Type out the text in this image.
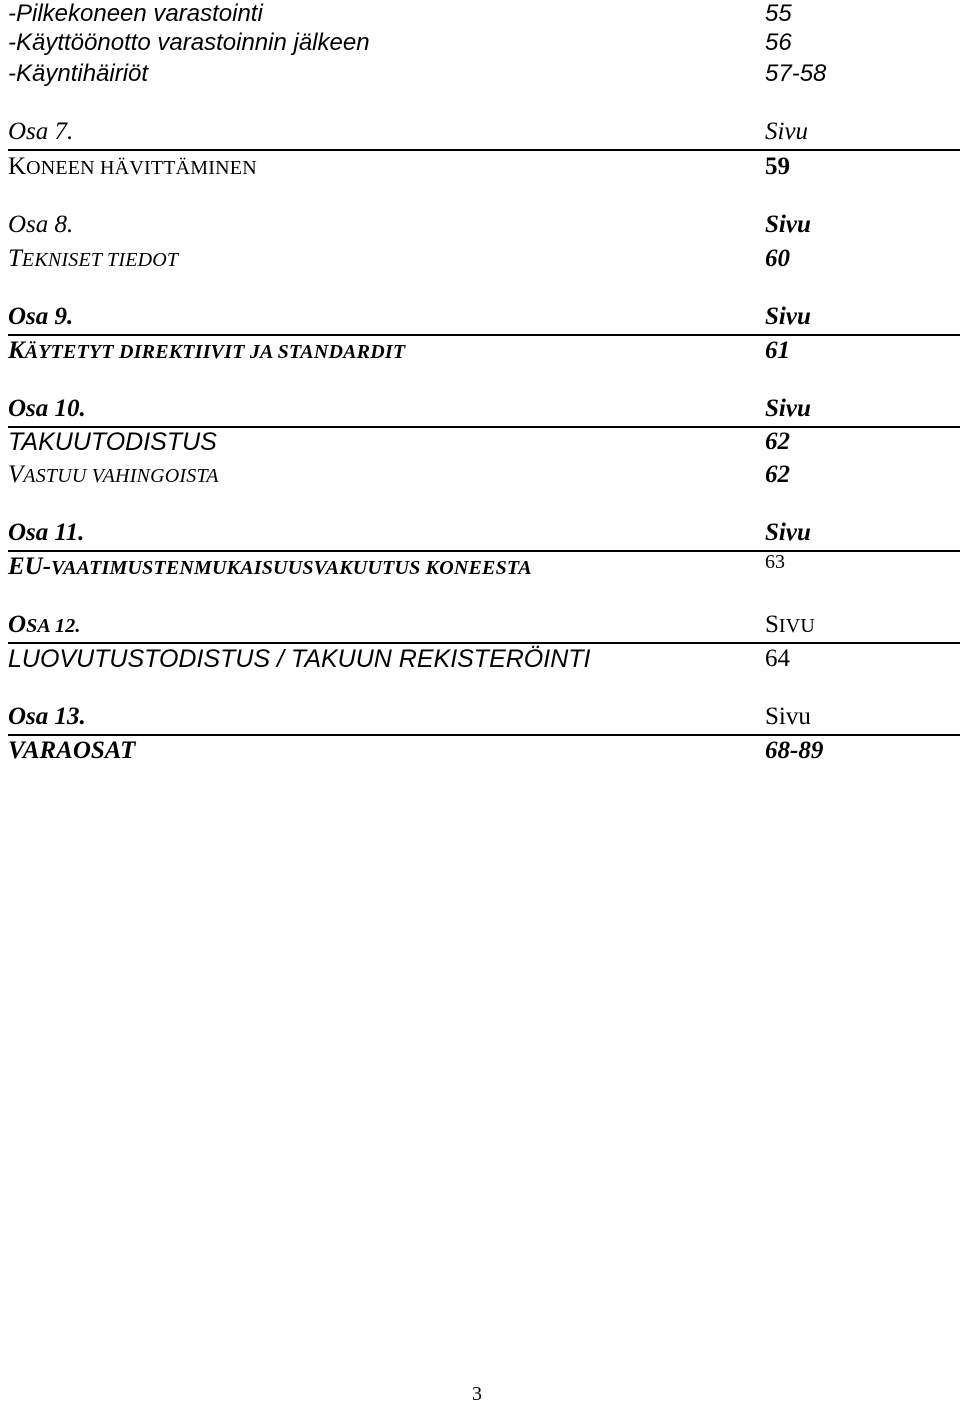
-Pilkekoneen varastointi	55
-Käyttöönotto varastoinnin jälkeen	56
-Käyntihäiriöt	57-58
Osa 7.	Sivu
KONEEN HÄVITTÄMINEN	59
Osa 8.	Sivu
TEKNISET TIEDOT	60
Osa 9.	Sivu
KÄYTETYT DIREKTIIVIT JA STANDARDIT	61
Osa 10.	Sivu
TAKUUTODISTUS	62
VASTUU VAHINGOISTA	62
Osa 11.	Sivu
EU-VAATIMUSTENMUKAISUUSVAKUUTUS KONEESTA	63
OSA 12.	SIVU
LUOVUTUSTODISTUS / TAKUUN REKISTERÖINTI	64
Osa 13.	Sivu
VARAOSAT	68-89
3
